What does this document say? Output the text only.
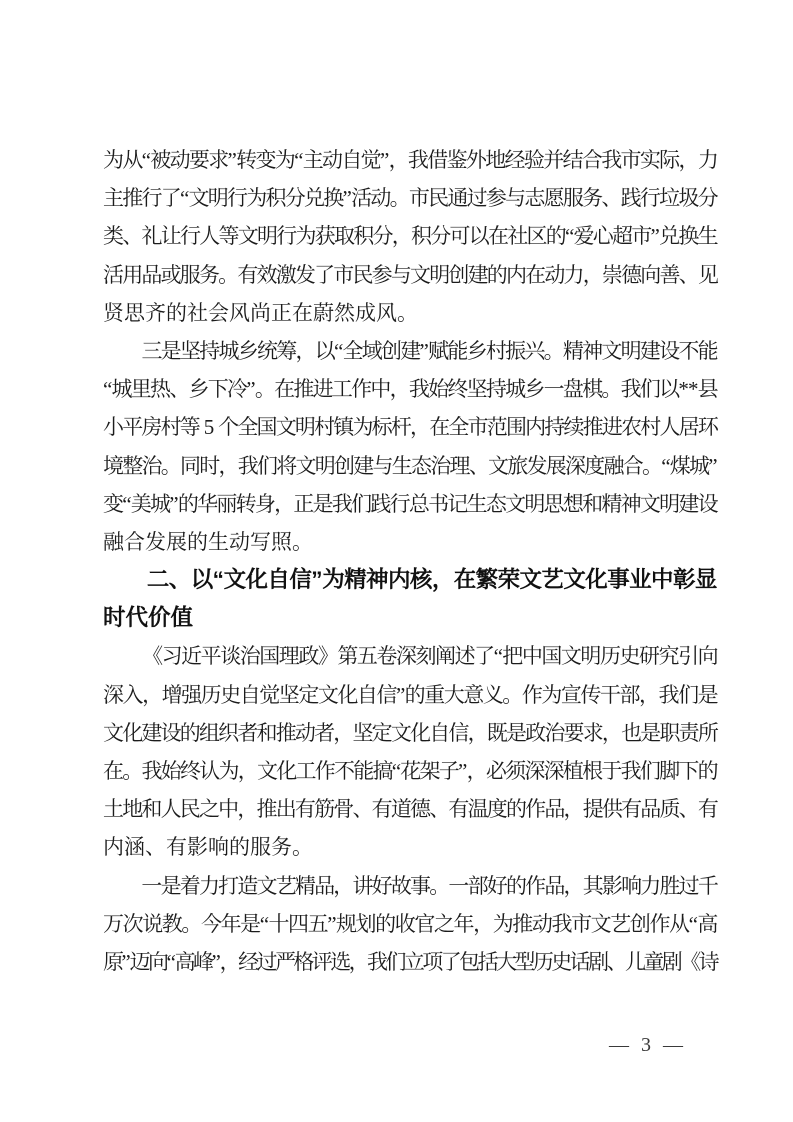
为
从
“ 被
动
要
求
” 转
变
为
“ 主
动
自
觉
” ，
我
借
鉴
外
地
经
验
并
结
合
我
市
实
际
，
力
主
推
行
了
“ 文
明
行
为
积
分
兑
换
” 活
动
。
市
民
通
过
参
与
志
愿
服
务
、
践
行
垃
圾
分
类
、
礼
让
行
人
等
文
明
行
为
获
取
积
分
，
积
分
可
以
在
社
区
的
“ 爱
心
超
市
” 兑
换
生
活
用
品
或
服
务
。
有
效
激
发
了
市
民
参
与
文
明
创
建
的
内
在
动
力
，
崇
德
向
善
、
见
贤 思 齐 的 社 会 风 尚 正 在 蔚 然 成 风 。

三
是
坚
持
城
乡
统
筹
，
以
“ 全
域
创
建
” 赋
能
乡
村
振
兴
。
精
神
文
明
建
设
不
能
“ 城
里
热
、
乡
下
冷
” 。
在
推
进
工
作
中
，
我
始
终
坚
持
城
乡
一
盘
棋
。
我
们
以
* * 县
小
平
房
村
等
5
个
全
国
文
明
村
镇
为
标
杆
，
在
全
市
范
围
内
持
续
推
进
农
村
人
居
环
境
整
治
。
同
时
，
我
们
将
文
明
创
建
与
生
态
治
理
、
文
旅
发
展
深
度
融
合
。
“ 煤
城
”
变
“ 美
城
” 的
华
丽
转
身
，
正
是
我
们
践
行
总
书
记
生
态
文
明
思
想
和
精
神
文
明
建
设
融 合 发 展 的 生 动 写 照 。

二 、 以 “ 文 化 自 信 ” 为 精 神 内 核 ， 在 繁 荣 文 艺 文 化 事 业 中 彰 显
时 代 价 值

《
习
近
平
谈
治
国
理
政
》
第
五
卷
深
刻
阐
述
了
“ 把
中
国
文
明
历
史
研
究
引
向
深
入
，
增
强
历
史
自
觉
坚
定
文
化
自
信
” 的
重
大
意
义
。
作
为
宣
传
干
部
，
我
们
是
文
化
建
设
的
组
织
者
和
推
动
者
，
坚
定
文
化
自
信
，
既
是
政
治
要
求
，
也
是
职
责
所
在
。
我
始
终
认
为
，
文
化
工
作
不
能
搞
“ 花
架
子
” ，
必
须
深
深
植
根
于
我
们
脚
下
的
土
地
和
人
民
之
中
，
推
出
有
筋
骨
、
有
道
德
、
有
温
度
的
作
品
，
提
供
有
品
质
、
有
内 涵 、 有 影 响 的 服 务 。

一
是
着
力
打
造
文
艺
精
品
，
讲
好
故
事
。
一
部
好
的
作
品
，
其
影
响
力
胜
过
千
万
次
说
教
。
今
年
是
“ 十
四
五
” 规
划
的
收
官
之
年
，
为
推
动
我
市
文
艺
创
作
从
“ 高
原
”
迈
向
“
高
峰
”
，
经
过
严
格
评
选
，
我
们
立
项
了
包
括
大
型
历
史
话
剧
、
儿
童
剧
《
诗
— 3 —
